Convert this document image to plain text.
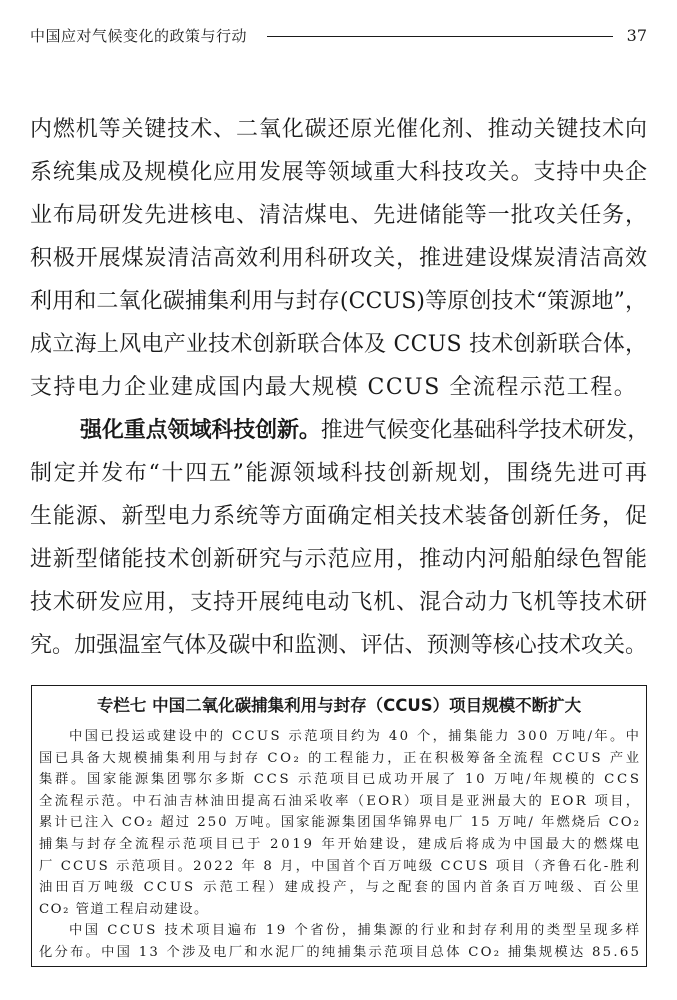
中国应对气候变化的政策与行动	37
内燃机等关键技术、二氧化碳还原光催化剂、推动关键技术向
系统集成及规模化应用发展等领域重大科技攻关。支持中央企
业布局研发先进核电、清洁煤电、先进储能等一批攻关任务，
积极开展煤炭清洁高效利用科研攻关，推进建设煤炭清洁高效
利用和二氧化碳捕集利用与封存(CCUS)等原创技术“策源地”，
成立海上风电产业技术创新联合体及 CCUS 技术创新联合体，
支持电力企业建成国内最大规模 CCUS 全流程示范工程。
强化重点领域科技创新。推进气候变化基础科学技术研发，
制定并发布“十四五”能源领域科技创新规划，围绕先进可再
生能源、新型电力系统等方面确定相关技术装备创新任务，促
进新型储能技术创新研究与示范应用，推动内河船舶绿色智能
技术研发应用，支持开展纯电动飞机、混合动力飞机等技术研
究。加强温室气体及碳中和监测、评估、预测等核心技术攻关。
专栏七 中国二氧化碳捕集利用与封存（CCUS）项目规模不断扩大
中国已投运或建设中的 CCUS 示范项目约为 40 个，捕集能力 300 万吨/年。中
国已具备大规模捕集利用与封存 CO₂ 的工程能力，正在积极筹备全流程 CCUS 产业
集群。国家能源集团鄂尔多斯 CCS 示范项目已成功开展了 10 万吨/年规模的 CCS
全流程示范。中石油吉林油田提高石油采收率（EOR）项目是亚洲最大的 EOR 项目，
累计已注入 CO₂ 超过 250 万吨。国家能源集团国华锦界电厂 15 万吨/ 年燃烧后 CO₂
捕集与封存全流程示范项目已于 2019 年开始建设，建成后将成为中国最大的燃煤电
厂 CCUS 示范项目。2022 年 8 月，中国首个百万吨级 CCUS 项目（齐鲁石化-胜利
油田百万吨级 CCUS 示范工程）建成投产，与之配套的国内首条百万吨级、百公里
CO₂ 管道工程启动建设。
中国 CCUS 技术项目遍布 19 个省份，捕集源的行业和封存利用的类型呈现多样
化分布。中国 13 个涉及电厂和水泥厂的纯捕集示范项目总体 CO₂ 捕集规模达 85.65
